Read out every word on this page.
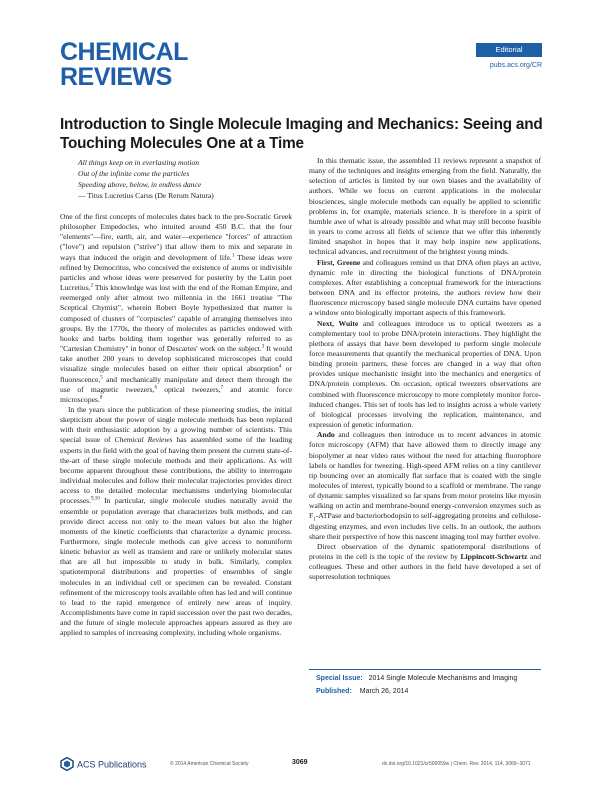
CHEMICAL
REVIEWS
Editorial
pubs.acs.org/CR
Introduction to Single Molecule Imaging and Mechanics: Seeing and
Touching Molecules One at a Time
All things keep on in everlasting motion
Out of the infinite come the particles
Speeding above, below, in endless dance
— Titus Lucretius Carus (De Rerum Natura)

One of the first concepts of molecules dates back to the pre-Socratic Greek philosopher Empedocles, who intuited around 450 B.C. that the four "elements"—fire, earth, air, and water—experience "forces" of attraction ("love") and repulsion ("strive") that allow them to mix and separate in ways that induced the origin and development of life.$^1$ These ideas were refined by Democritus, who conceived the existence of atoms or indivisible particles and whose ideas were preserved for posterity by the Latin poet Lucretius.$^2$ This knowledge was lost with the end of the Roman Empire, and reemerged only after almost two millennia in the 1661 treatise "The Sceptical Chymist", wherein Robert Boyle hypothesized that matter is composed of clusters of "corpuscles" capable of arranging themselves into groups. By the 1770s, the theory of molecules as particles endowed with hooks and barbs holding them together was generally referred to as "Cartesian Chemistry" in honor of Descartes' work on the subject.$^3$ It would take another 200 years to develop sophisticated microscopes that could visualize single molecules based on either their optical absorption$^4$ or fluorescence,$^5$ and mechanically manipulate and detect them through the use of magnetic tweezers,$^6$ optical tweezers,$^7$ and atomic force microscopes.$^8$

In the years since the publication of these pioneering studies, the initial skepticism about the power of single molecule methods has been replaced with their enthusiastic adoption by a growing number of scientists. This special issue of Chemical Reviews has assembled some of the leading experts in the field with the goal of having them present the current state-of-the-art of these single molecule methods and their applications. As will become apparent throughout these contributions, the ability to interrogate individual molecules and follow their molecular trajectories provides direct access to the detailed molecular mechanisms underlying biomolecular processes.$^{9,10}$ In particular, single molecule studies naturally avoid the ensemble or population average that characterizes bulk methods, and can provide direct access not only to the mean values but also the higher moments of the kinetic coefficients that characterize a dynamic process. Furthermore, single molecule methods can give access to nonuniform kinetic behavior as well as transient and rare or unlikely molecular states that are all but impossible to study in bulk. Similarly, complex spatiotemporal distributions and properties of ensembles of single molecules in an individual cell or specimen can be revealed. Constant refinement of the microscopy tools available often has led and will continue to lead to the rapid emergence of entirely new areas of inquiry. Accomplishments have come in rapid succession over the past two decades, and the future of single molecule approaches appears assured as they are applied to samples of increasing complexity, including whole organisms.

In this thematic issue, the assembled 11 reviews represent a snapshot of many of the techniques and insights emerging from the field. Naturally, the selection of articles is limited by our own biases and the availability of authors. While we focus on current applications in the molecular biosciences, single molecule methods can equally be applied to scientific problems in, for example, materials science. It is therefore in a spirit of humble awe of what is already possible and what may still become feasible in years to come across all fields of science that we offer this inherently limited snapshot in hopes that it may help inspire new applications, technical advances, and recruitment of the brightest young minds.

First, Greene and colleagues remind us that DNA often plays an active, dynamic role in directing the biological functions of DNA/protein complexes. After establishing a conceptual framework for the interactions between DNA and its effector proteins, the authors review how their fluorescence microscopy based single molecule DNA curtains have opened a window onto biologically important aspects of this framework.

Next, Wuite and colleagues introduce us to optical tweezers as a complementary tool to probe DNA/protein interactions. They highlight the plethora of assays that have been developed to perform single molecule force measurements that quantify the mechanical properties of DNA. Upon binding protein partners, these forces are changed in a way that often provides unique mechanistic insight into the mechanics and energetics of DNA/protein complexes. On occasion, optical tweezers observations are combined with fluorescence microscopy to more completely monitor force-induced changes. This set of tools has led to insights across a whole variety of biological processes involving the replication, maintenance, and expression of genetic information.

Ando and colleagues then introduce us to recent advances in atomic force microscopy (AFM) that have allowed them to directly image any biopolymer at near video rates without the need for attaching fluorophore labels or handles for tweezing. High-speed AFM relies on a tiny cantilever tip bouncing over an atomically flat surface that is coated with the single molecules of interest, typically bound to a scaffold or membrane. The range of dynamic samples visualized so far spans from motor proteins like myosin walking on actin and membrane-bound energy-conversion enzymes such as $F_1$-ATPase and bacteriorhodopsin to self-aggregating proteins and cellulose-digesting enzymes, and even includes live cells. In an outlook, the authors share their perspective of how this nascent imaging tool may further evolve.

Direct observation of the dynamic spatiotemporal distributions of proteins in the cell is the topic of the review by Lippincott-Schwartz and colleagues. These and other authors in the field have developed a set of superresolution techniques

Special Issue: 2014 Single Molecule Mechanisms and Imaging
Published: March 26, 2014
ACS Publications	© 2014 American Chemical Society	3069	dx.doi.org/10.1021/cr500059w | Chem. Rev. 2014, 114, 3069−3071
